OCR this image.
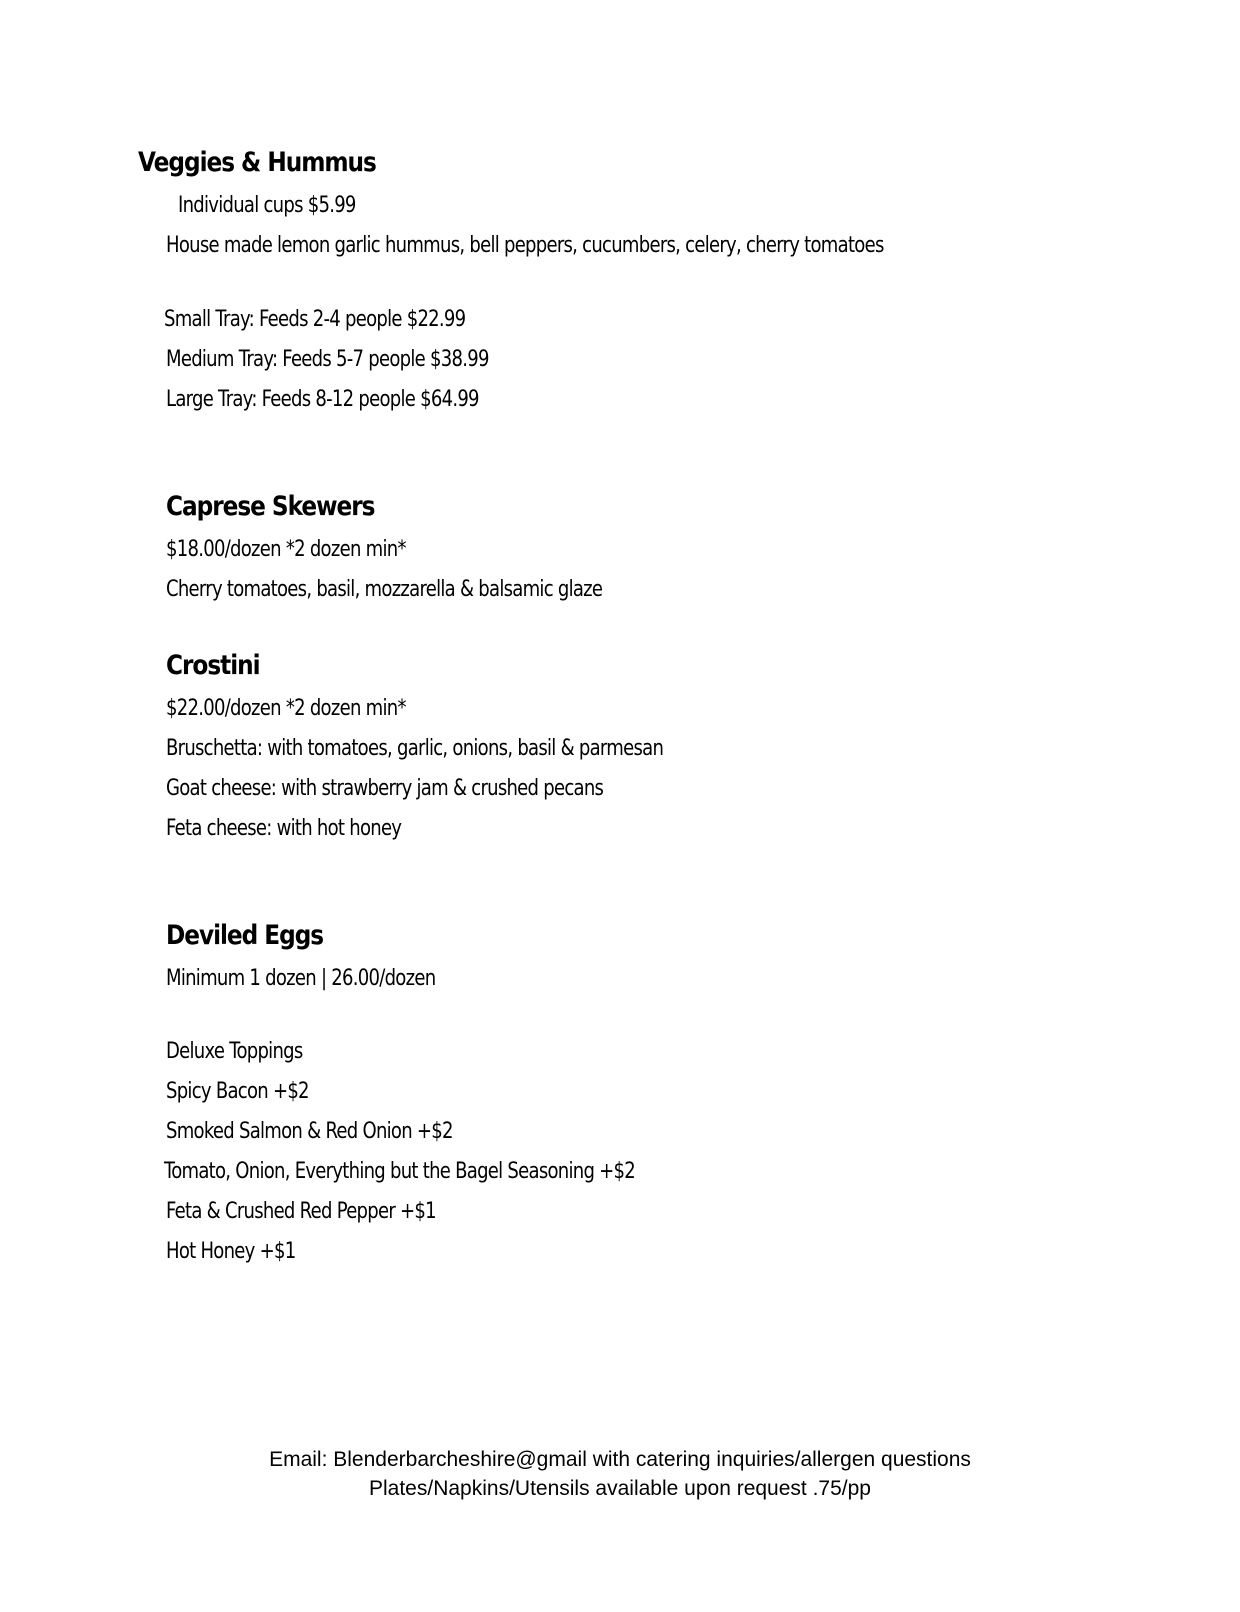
Veggies & Hummus

Individual cups $5.99

House made lemon garlic hummus, bell peppers, cucumbers, celery, cherry tomatoes

Small Tray: Feeds 2-4 people $22.99

Medium Tray: Feeds 5-7 people $38.99

Large Tray: Feeds 8-12 people $64.99

Caprese Skewers

$18.00/dozen *2 dozen min*

Cherry tomatoes, basil, mozzarella & balsamic glaze

Crostini

$22.00/dozen *2 dozen min*

Bruschetta: with tomatoes, garlic, onions, basil & parmesan

Goat cheese: with strawberry jam & crushed pecans

Feta cheese: with hot honey

Deviled Eggs

Minimum 1 dozen | 26.00/dozen

Deluxe Toppings

Spicy Bacon +$2

Smoked Salmon & Red Onion +$2

Tomato, Onion, Everything but the Bagel Seasoning +$2

Feta & Crushed Red Pepper +$1

Hot Honey +$1

Email: Blenderbarcheshire@gmail with catering inquiries/allergen questions
Plates/Napkins/Utensils available upon request .75/pp
